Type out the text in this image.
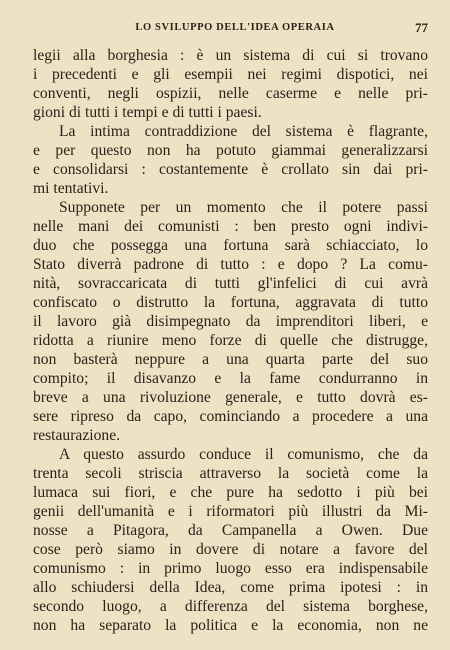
LO SVILUPPO DELL'IDEA OPERAIA	77
legii alla borghesia : è un sistema di cui si trovano
i precedenti e gli esempii nei regimi dispotici, nei
conventi, negli ospizii, nelle caserme e nelle pri-
gioni di tutti i tempi e di tutti i paesi.
La intima contraddizione del sistema è flagrante,
e per questo non ha potuto giammai generalizzarsi
e consolidarsi : costantemente è crollato sin dai pri-
mi tentativi.
Supponete per un momento che il potere passi
nelle mani dei comunisti : ben presto ogni indivi-
duo che possegga una fortuna sarà schiacciato, lo
Stato diverrà padrone di tutto : e dopo ? La comu-
nità, sovraccaricata di tutti gl'infelici di cui avrà
confiscato o distrutto la fortuna, aggravata di tutto
il lavoro già disimpegnato da imprenditori liberi, e
ridotta a riunire meno forze di quelle che distrugge,
non basterà neppure a una quarta parte del suo
compito; il disavanzo e la fame condurranno in
breve a una rivoluzione generale, e tutto dovrà es-
sere ripreso da capo, cominciando a procedere a una
restaurazione.
A questo assurdo conduce il comunismo, che da
trenta secoli striscia attraverso la società come la
lumaca sui fiori, e che pure ha sedotto i più bei
genii dell'umanità e i riformatori più illustri da Mi-
nosse a Pitagora, da Campanella a Owen. Due
cose però siamo in dovere di notare a favore del
comunismo : in primo luogo esso era indispensabile
allo schiudersi della Idea, come prima ipotesi : in
secondo luogo, a differenza del sistema borghese,
non ha separato la politica e la economia, non ne
